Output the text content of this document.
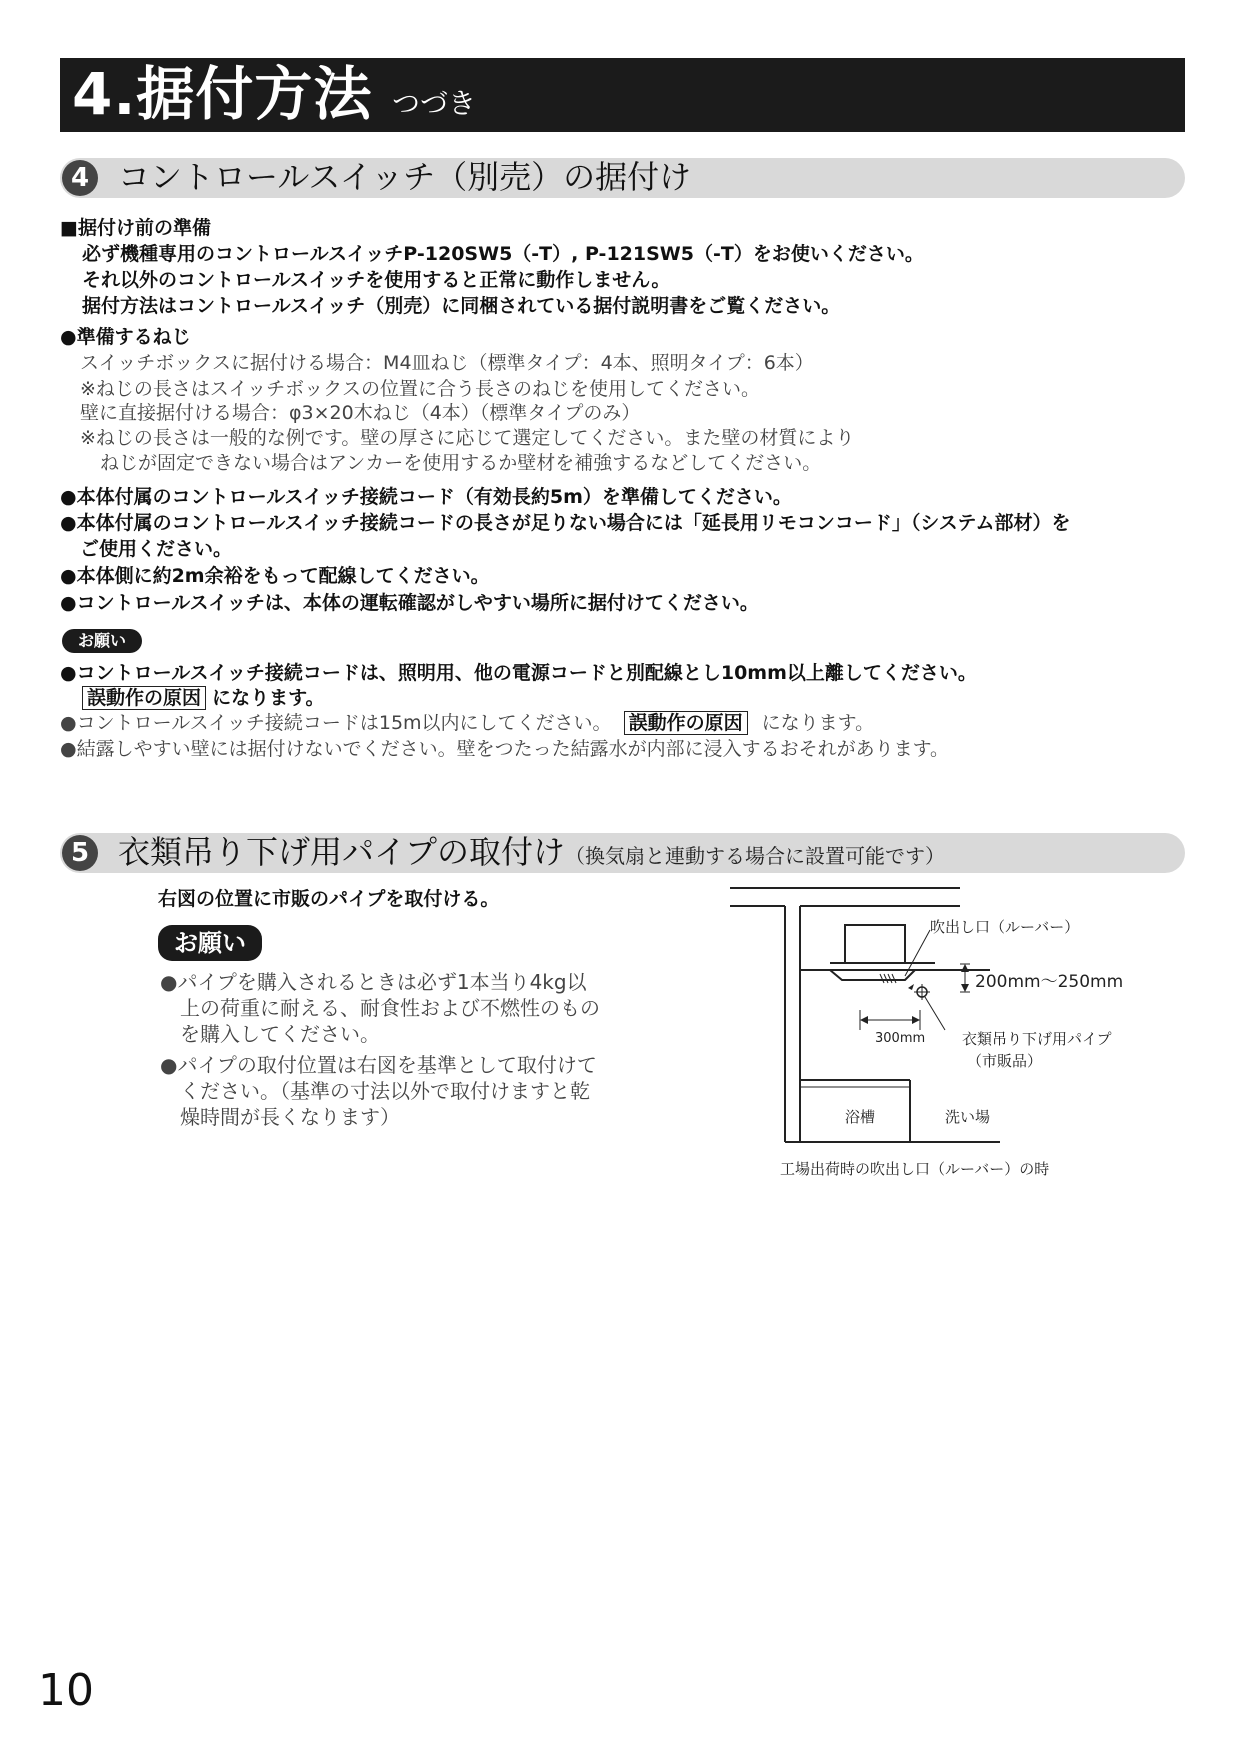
4.据付方法 つづき
4 コントロールスイッチ（別売）の据付け
■据付け前の準備
必ず機種専用のコントロールスイッチP-120SW5（-T）, P-121SW5（-T）をお使いください。
それ以外のコントロールスイッチを使用すると正常に動作しません。
据付方法はコントロールスイッチ（別売）に同梱されている据付説明書をご覧ください。
●準備するねじ
スイッチボックスに据付ける場合：M4皿ねじ（標準タイプ：4本、照明タイプ：6本）
※ねじの長さはスイッチボックスの位置に合う長さのねじを使用してください。
壁に直接据付ける場合：φ3×20木ねじ（4本）（標準タイプのみ）
※ねじの長さは一般的な例です。壁の厚さに応じて選定してください。また壁の材質により
ねじが固定できない場合はアンカーを使用するか壁材を補強するなどしてください。
●本体付属のコントロールスイッチ接続コード（有効長約5m）を準備してください。
●本体付属のコントロールスイッチ接続コードの長さが足りない場合には「延長用リモコンコード」（システム部材）を
ご使用ください。
●本体側に約2m余裕をもって配線してください。
●コントロールスイッチは、本体の運転確認がしやすい場所に据付けてください。
お願い
●コントロールスイッチ接続コードは、照明用、他の電源コードと別配線とし10mm以上離してください。
誤動作の原因 になります。
●コントロールスイッチ接続コードは15m以内にしてください。 誤動作の原因 になります。
●結露しやすい壁には据付けないでください。壁をつたった結露水が内部に浸入するおそれがあります。
5 衣類吊り下げ用パイプの取付け（換気扇と連動する場合に設置可能です）
右図の位置に市販のパイプを取付ける。
お願い
●パイプを購入されるときは必ず1本当り4kg以
上の荷重に耐える、耐食性および不燃性のもの
を購入してください。
●パイプの取付位置は右図を基準として取付けて
ください。（基準の寸法以外で取付けますと乾
燥時間が長くなります）
吹出し口（ルーバー）
200mm〜250mm
300mm 衣類吊り下げ用パイプ
（市販品）
浴槽	洗い場
工場出荷時の吹出し口（ルーバー）の時
10
